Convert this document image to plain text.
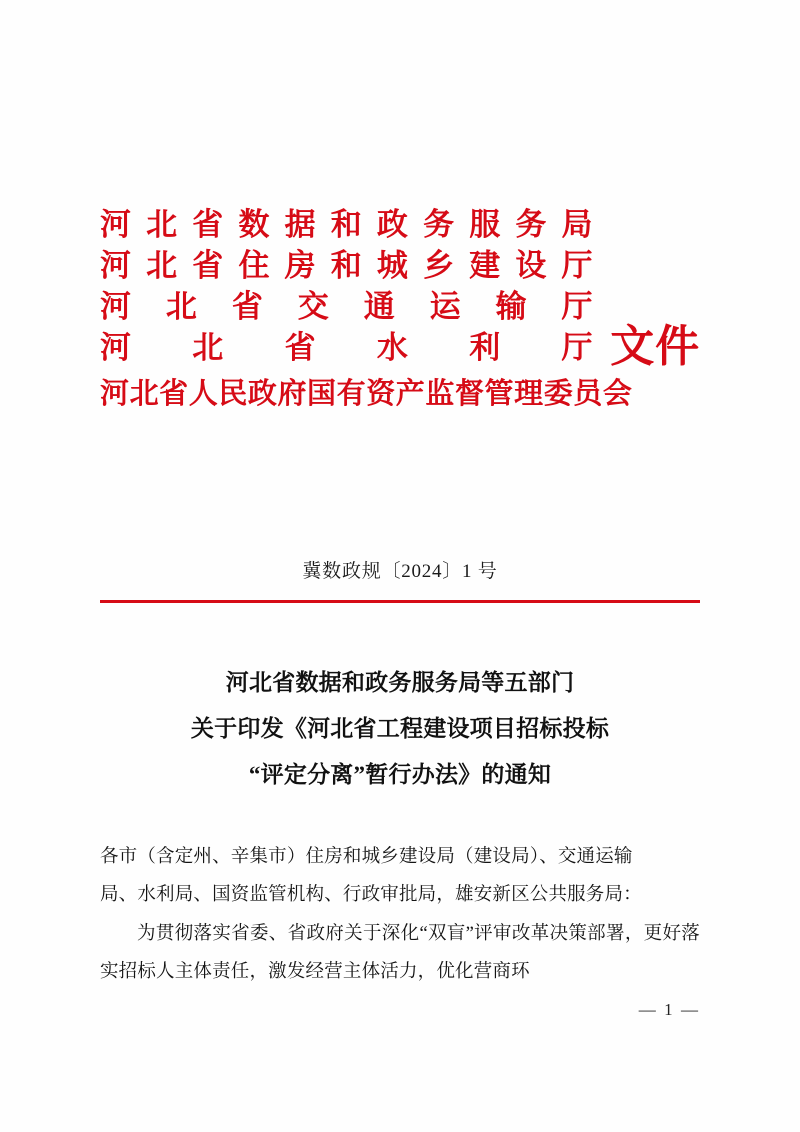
河北省数据和政务服务局
河北省住房和城乡建设厅
河北省交通运输厅
河北省水利厅
河北省人民政府国有资产监督管理委员会
文件
冀数政规〔2024〕1 号
河北省数据和政务服务局等五部门
关于印发《河北省工程建设项目招标投标
“评定分离”暂行办法》的通知

各市（含定州、辛集市）住房和城乡建设局（建设局）、交通运输

局、水利局、国资监管机构、行政审批局，雄安新区公共服务局：

为贯彻落实省委、省政府关于深化“双盲”评审改革决策部署，更好落实招标人主体责任，激发经营主体活力，优化营商环

— 1 —
